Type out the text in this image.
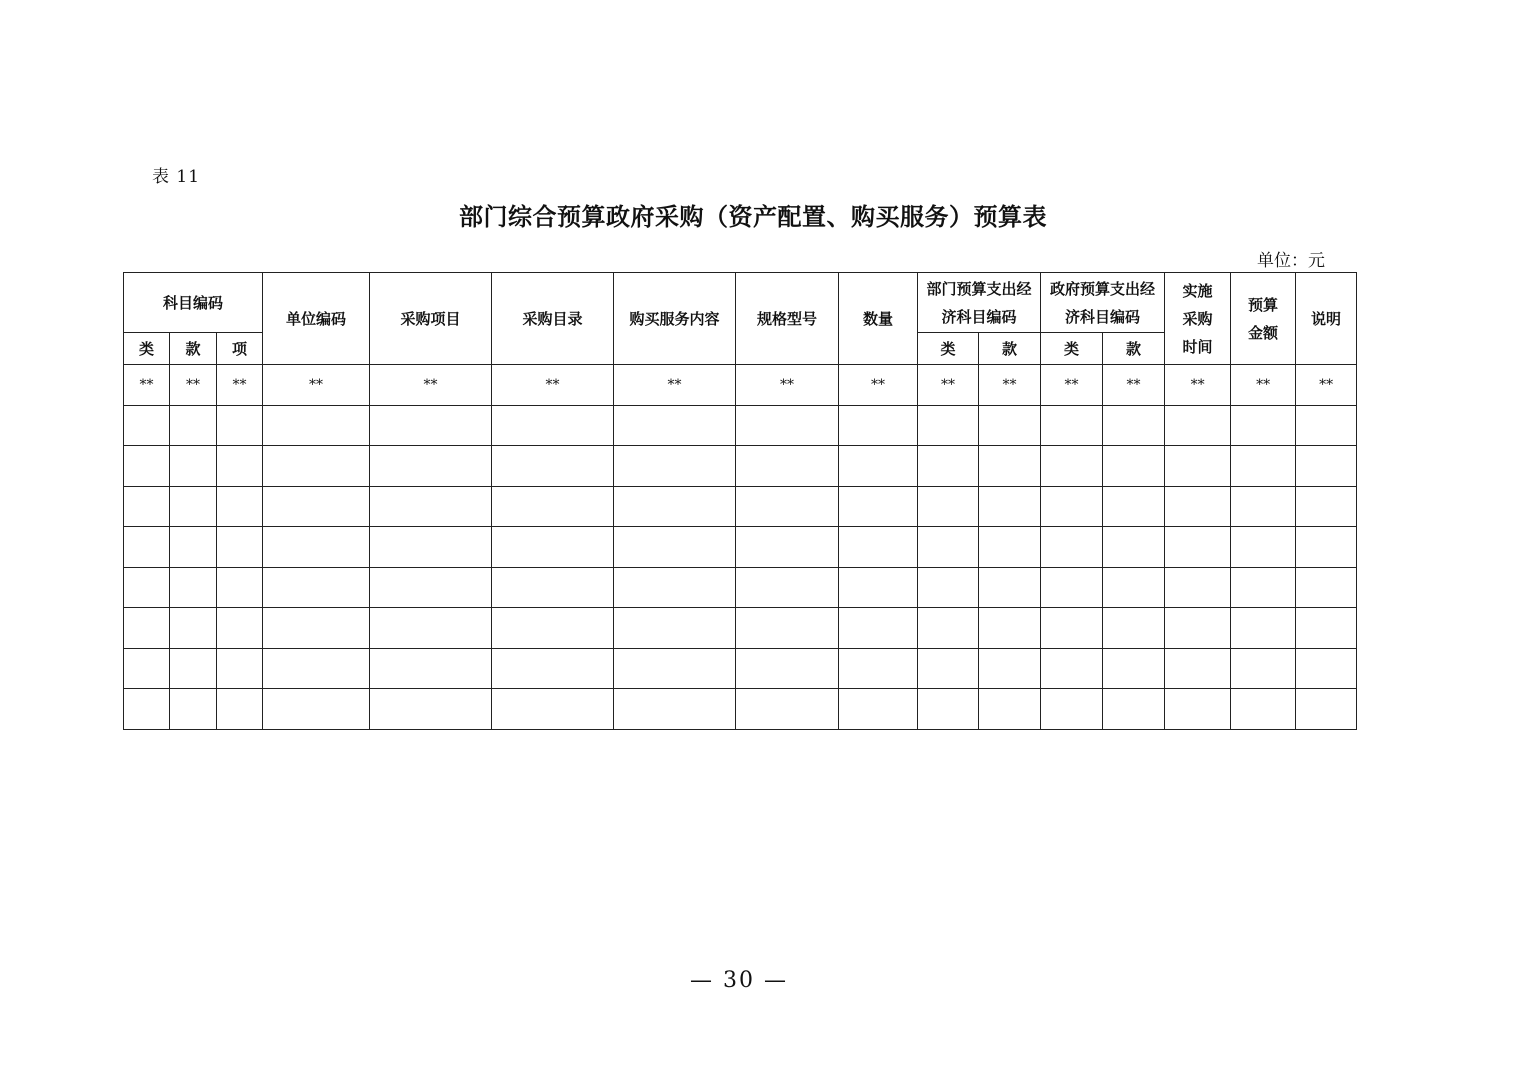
表 11
部门综合预算政府采购（资产配置、购买服务）预算表
单位：元
科目编码			单位编码	采购项目	采购目录	购买服务内容	规格型号	数量	部门预算支出经济科目编码		政府预算支出经济科目编码		实施采购时间	预算金额	说明
类	款	项							类	款	类	款			
**	**	**	**	**	**	**	**	**	**	**	**	**	**	**	**

— 30 —
